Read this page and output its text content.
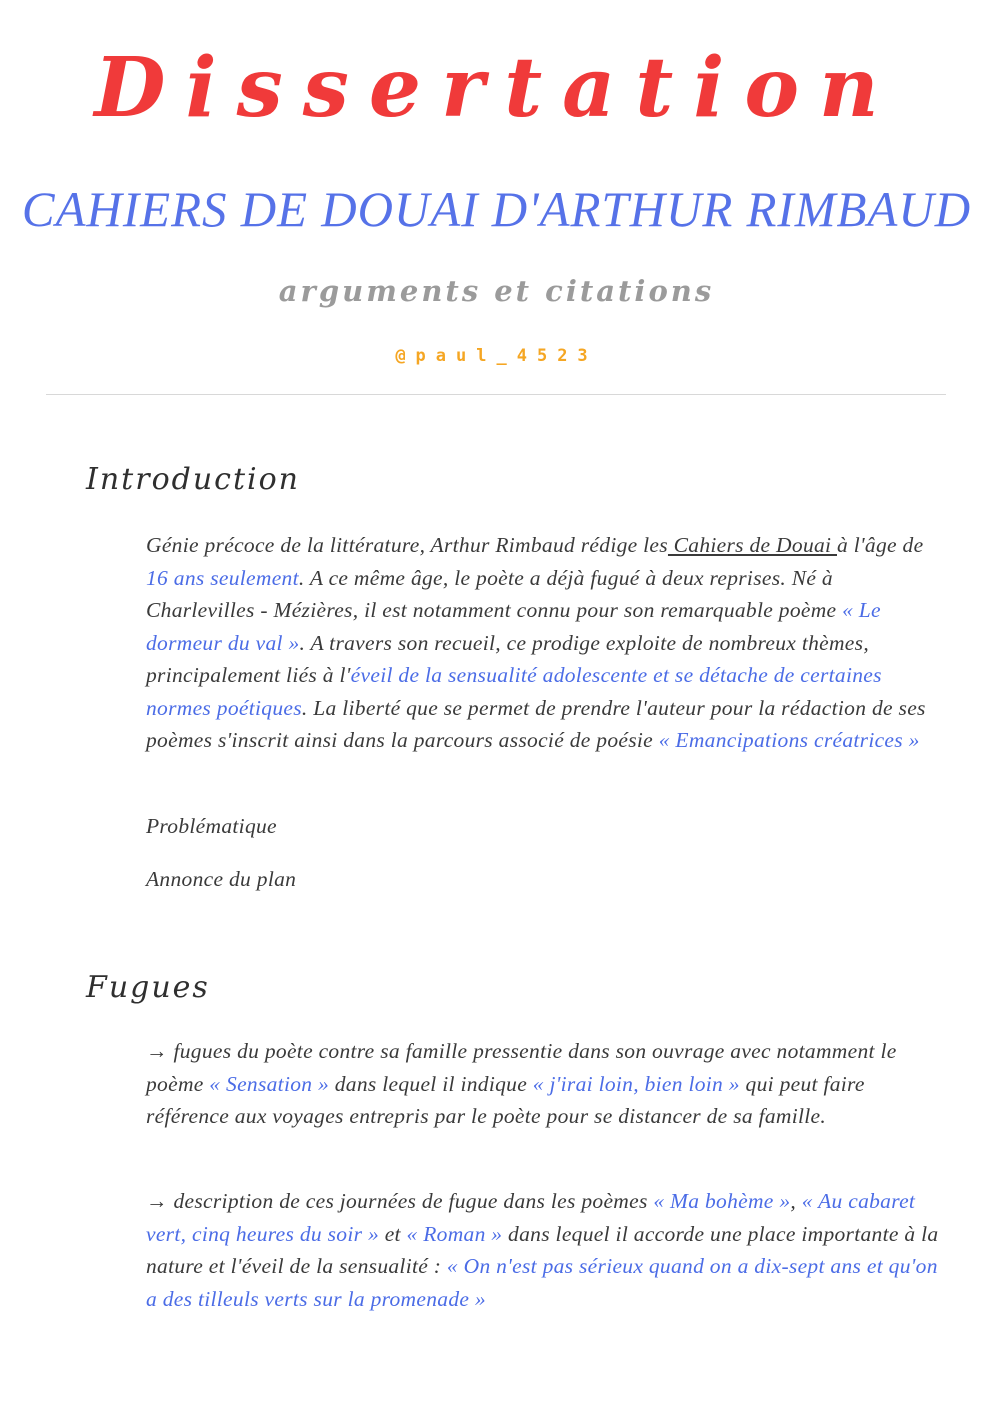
Dissertation
CAHIERS DE DOUAI D'ARTHUR RIMBAUD
arguments et citations
@paul_4523
Introduction

Génie précoce de la littérature, Arthur Rimbaud rédige les Cahiers de Douai à l'âge de 16 ans seulement. A ce même âge, le poète a déjà fugué à deux reprises. Né à Charlevilles - Mézières, il est notamment connu pour son remarquable poème « Le dormeur du val ». A travers son recueil, ce prodige exploite de nombreux thèmes, principalement liés à l'éveil de la sensualité adolescente et se détache de certaines normes poétiques. La liberté que se permet de prendre l'auteur pour la rédaction de ses poèmes s'inscrit ainsi dans la parcours associé de poésie « Emancipations créatrices »

Problématique
Annonce du plan
Fugues

→ fugues du poète contre sa famille pressentie dans son ouvrage avec notamment le poème « Sensation » dans lequel il indique « j'irai loin, bien loin » qui peut faire référence aux voyages entrepris par le poète pour se distancer de sa famille.

→ description de ces journées de fugue dans les poèmes « Ma bohème », « Au cabaret vert, cinq heures du soir » et « Roman » dans lequel il accorde une place importante à la nature et l'éveil de la sensualité : « On n'est pas sérieux quand on a dix-sept ans et qu'on a des tilleuls verts sur la promenade »
